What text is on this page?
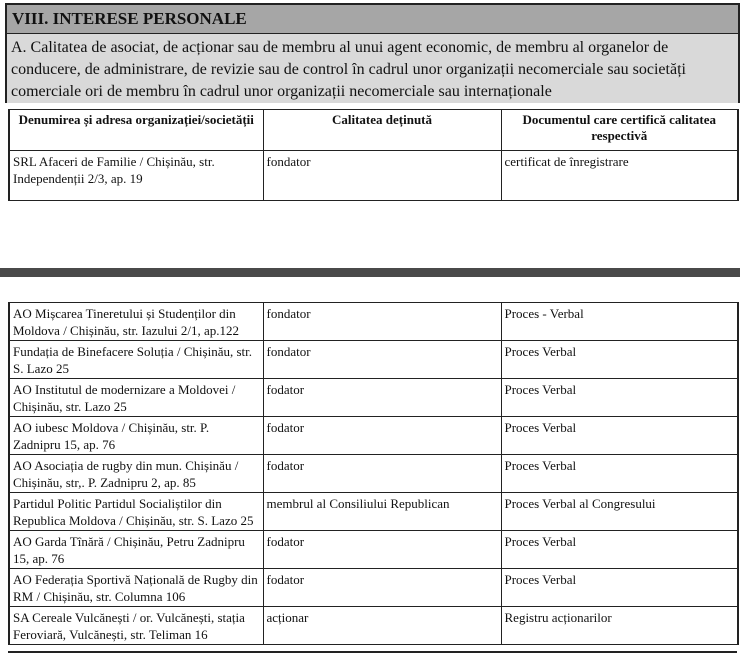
VIII. INTERESE PERSONALE
A. Calitatea de asociat, de acționar sau de membru al unui agent economic, de membru al organelor de conducere, de administrare, de revizie sau de control în cadrul unor organizații necomerciale sau societăți comerciale ori de membru în cadrul unor organizații necomerciale sau internaționale
Denumirea și adresa organizației/societății	Calitatea deținută	Documentul care certifică calitatea respectivă
SRL Afaceri de Familie / Chișinău, str. Independenții 2/3, ap. 19	fondator	certificat de înregistrare
AO Mișcarea Tineretului și Studenților din Moldova / Chișinău, str. Iazului 2/1, ap.122	fondator	Proces - Verbal
Fundația de Binefacere Soluția / Chișinău, str. S. Lazo 25	fondator	Proces Verbal
AO Institutul de modernizare a Moldovei / Chișinău, str. Lazo 25	fodator	Proces Verbal
AO iubesc Moldova / Chișinău, str. P. Zadnipru 15, ap. 76	fodator	Proces Verbal
AO Asociația de rugby din mun. Chișinău / Chișinău, str,. P. Zadnipru 2, ap. 85	fodator	Proces Verbal
Partidul Politic Partidul Socialiștilor din Republica Moldova / Chișinău, str. S. Lazo 25	membrul al Consiliului Republican	Proces Verbal al Congresului
AO Garda Tînără / Chișinău, Petru Zadnipru 15, ap. 76	fodator	Proces Verbal
AO Federația Sportivă Națională de Rugby din RM / Chișinău, str. Columna 106	fodator	Proces Verbal
SA Cereale Vulcănești / or. Vulcănești, stația Feroviară, Vulcănești, str. Teliman 16	acționar	Registru acționarilor
